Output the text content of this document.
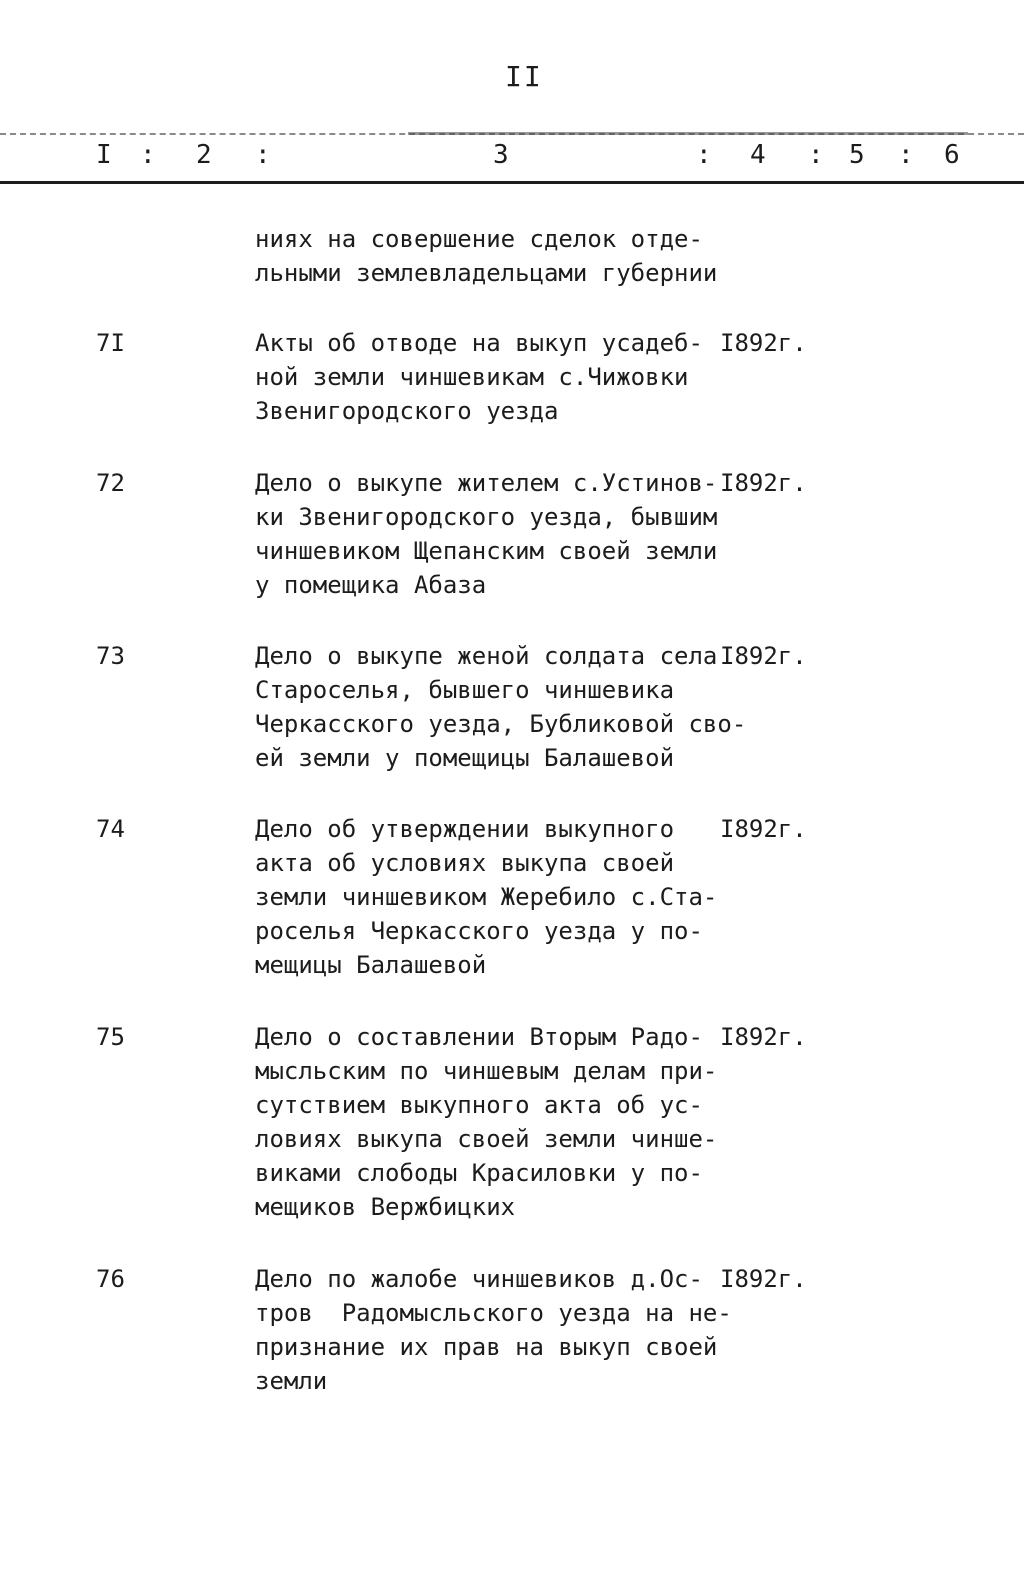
II
I : 2 :	3	: 4 : 5 : 6
ниях на совершение сделок отде-
льными землевладельцами губернии
7I	Акты об отводе на выкуп усадеб-
ной земли чиншевикам с.Чижовки
Звенигородского уезда
I892г.
72	Дело о выкупе жителем с.Устинов-
ки Звенигородского уезда, бывшим
чиншевиком Щепанским своей земли
у помещика Абаза
I892г.
73	Дело о выкупе женой солдата села
Староселья, бывшего чиншевика
Черкасского уезда, Бубликовой сво-
ей земли у помещицы Балашевой
I892г.
74	Дело об утверждении выкупного
акта об условиях выкупа своей
земли чиншевиком Жеребило с.Ста-
роселья Черкасского уезда у по-
мещицы Балашевой
I892г.
75	Дело о составлении Вторым Радо-
мысльским по чиншевым делам при-
сутствием выкупного акта об ус-
ловиях выкупа своей земли чинше-
виками слободы Красиловки у по-
мещиков Вержбицких
I892г.
76	Дело по жалобе чиншевиков д.Ос-
тров  Радомысльского уезда на не-
признание их прав на выкуп своей
земли
I892г.
